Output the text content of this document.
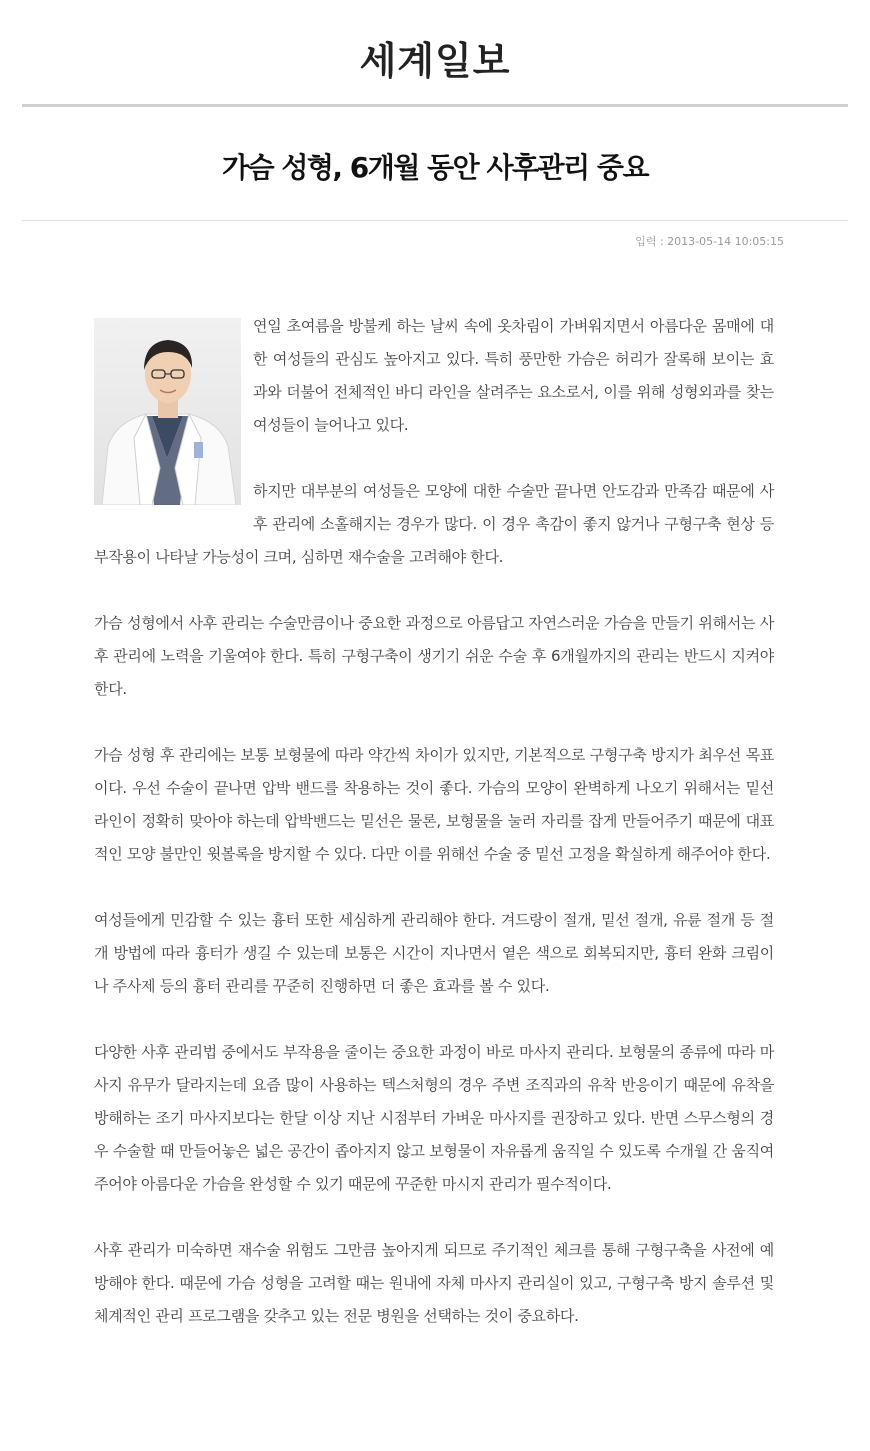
세계일보
가슴 성형, 6개월 동안 사후관리 중요
입력 : 2013-05-14 10:05:15

연일 초여름을 방불케 하는 날씨 속에 옷차림이 가벼워지면서 아름다운 몸매에 대한 여성들의 관심도 높아지고 있다. 특히 풍만한 가슴은 허리가 잘록해 보이는 효과와 더불어 전체적인 바디 라인을 살려주는 요소로서, 이를 위해 성형외과를 찾는 여성들이 늘어나고 있다.

하지만 대부분의 여성들은 모양에 대한 수술만 끝나면 안도감과 만족감 때문에 사후 관리에 소홀해지는 경우가 많다. 이 경우 촉감이 좋지 않거나 구형구축 현상 등 부작용이 나타날 가능성이 크며, 심하면 재수술을 고려해야 한다.

가슴 성형에서 사후 관리는 수술만큼이나 중요한 과정으로 아름답고 자연스러운 가슴을 만들기 위해서는 사후 관리에 노력을 기울여야 한다. 특히 구형구축이 생기기 쉬운 수술 후 6개월까지의 관리는 반드시 지켜야 한다.

가슴 성형 후 관리에는 보통 보형물에 따라 약간씩 차이가 있지만, 기본적으로 구형구축 방지가 최우선 목표이다. 우선 수술이 끝나면 압박 밴드를 착용하는 것이 좋다. 가슴의 모양이 완벽하게 나오기 위해서는 밑선 라인이 정확히 맞아야 하는데 압박밴드는 밑선은 물론, 보형물을 눌러 자리를 잡게 만들어주기 때문에 대표적인 모양 불만인 윗볼록을 방지할 수 있다. 다만 이를 위해선 수술 중 밑선 고정을 확실하게 해주어야 한다.

여성들에게 민감할 수 있는 흉터 또한 세심하게 관리해야 한다. 겨드랑이 절개, 밑선 절개, 유륜 절개 등 절개 방법에 따라 흉터가 생길 수 있는데 보통은 시간이 지나면서 옅은 색으로 회복되지만, 흉터 완화 크림이나 주사제 등의 흉터 관리를 꾸준히 진행하면 더 좋은 효과를 볼 수 있다.

다양한 사후 관리법 중에서도 부작용을 줄이는 중요한 과정이 바로 마사지 관리다. 보형물의 종류에 따라 마사지 유무가 달라지는데 요즘 많이 사용하는 텍스처형의 경우 주변 조직과의 유착 반응이기 때문에 유착을 방해하는 조기 마사지보다는 한달 이상 지난 시점부터 가벼운 마사지를 권장하고 있다. 반면 스무스형의 경우 수술할 때 만들어놓은 넓은 공간이 좁아지지 않고 보형물이 자유롭게 움직일 수 있도록 수개월 간 움직여 주어야 아름다운 가슴을 완성할 수 있기 때문에 꾸준한 마시지 관리가 필수적이다.

사후 관리가 미숙하면 재수술 위험도 그만큼 높아지게 되므로 주기적인 체크를 통해 구형구축을 사전에 예방해야 한다. 때문에 가슴 성형을 고려할 때는 원내에 자체 마사지 관리실이 있고, 구형구축 방지 솔루션 및 체계적인 관리 프로그램을 갖추고 있는 전문 병원을 선택하는 것이 중요하다.
